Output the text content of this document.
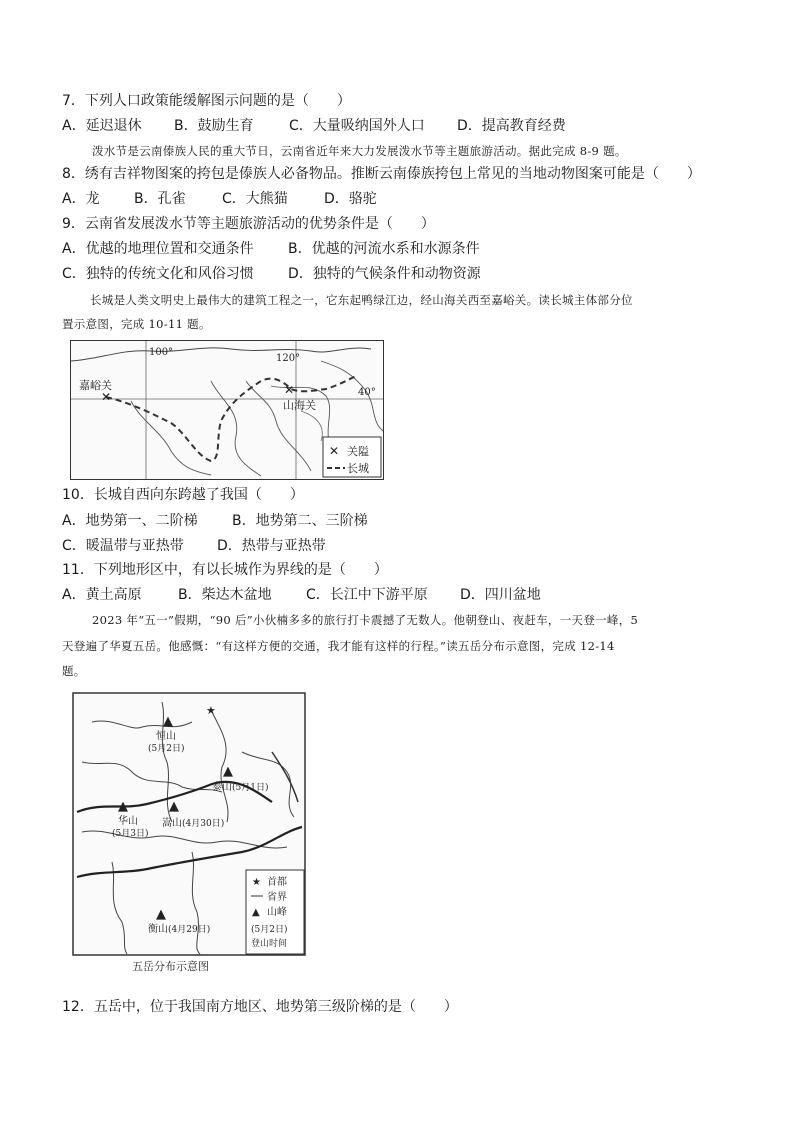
7．下列人口政策能缓解图示问题的是（　　）
A．延迟退休 B．鼓励生育	C．大量吸纳国外人口 D．提高教育经费
泼水节是云南傣族人民的重大节日，云南省近年来大力发展泼水节等主题旅游活动。据此完成 8-9 题。
8．绣有吉祥物图案的挎包是傣族人必备物品。推断云南傣族挎包上常见的当地动物图案可能是（　　）
A．龙 B．孔雀	C．大熊猫	D．骆驼
9．云南省发展泼水节等主题旅游活动的优势条件是（　　）
A．优越的地理位置和交通条件 B．优越的河流水系和水源条件
C．独特的传统文化和风俗习惯 D．独特的气候条件和动物资源
长城是人类文明史上最伟大的建筑工程之一，它东起鸭绿江边，经山海关西至嘉峪关。读长城主体部分位
置示意图，完成 10-11 题。
✕	✕
100°
120°
40°
嘉峪关
山海关
✕ 关隘
长城
10．长城自西向东跨越了我国（　　）
A．地势第一、二阶梯 B．地势第二、三阶梯
C．暖温带与亚热带 D．热带与亚热带
11．下列地形区中，有以长城作为界线的是（　　）
A．黄土高原	B．柴达木盆地 C．长江中下游平原 D．四川盆地
2023 年“五一”假期，“90 后”小伙楠多多的旅行打卡震撼了无数人。他朝登山、夜赶车，一天登一峰，5
天登遍了华夏五岳。他感慨：“有这样方便的交通，我才能有这样的行程。”读五岳分布示意图，完成 12-14
题。
★
▲
恒山
(5月2日)
▲
泰山 (5月1日)
▲
华山
(5月3日)
▲
嵩山 (4月30日)
▲
衡山 (4月29日)
★ 首都
省界
▲ 山峰
(5月2日)
登山时间
五岳分布示意图
12．五岳中，位于我国南方地区、地势第三级阶梯的是（　　）
